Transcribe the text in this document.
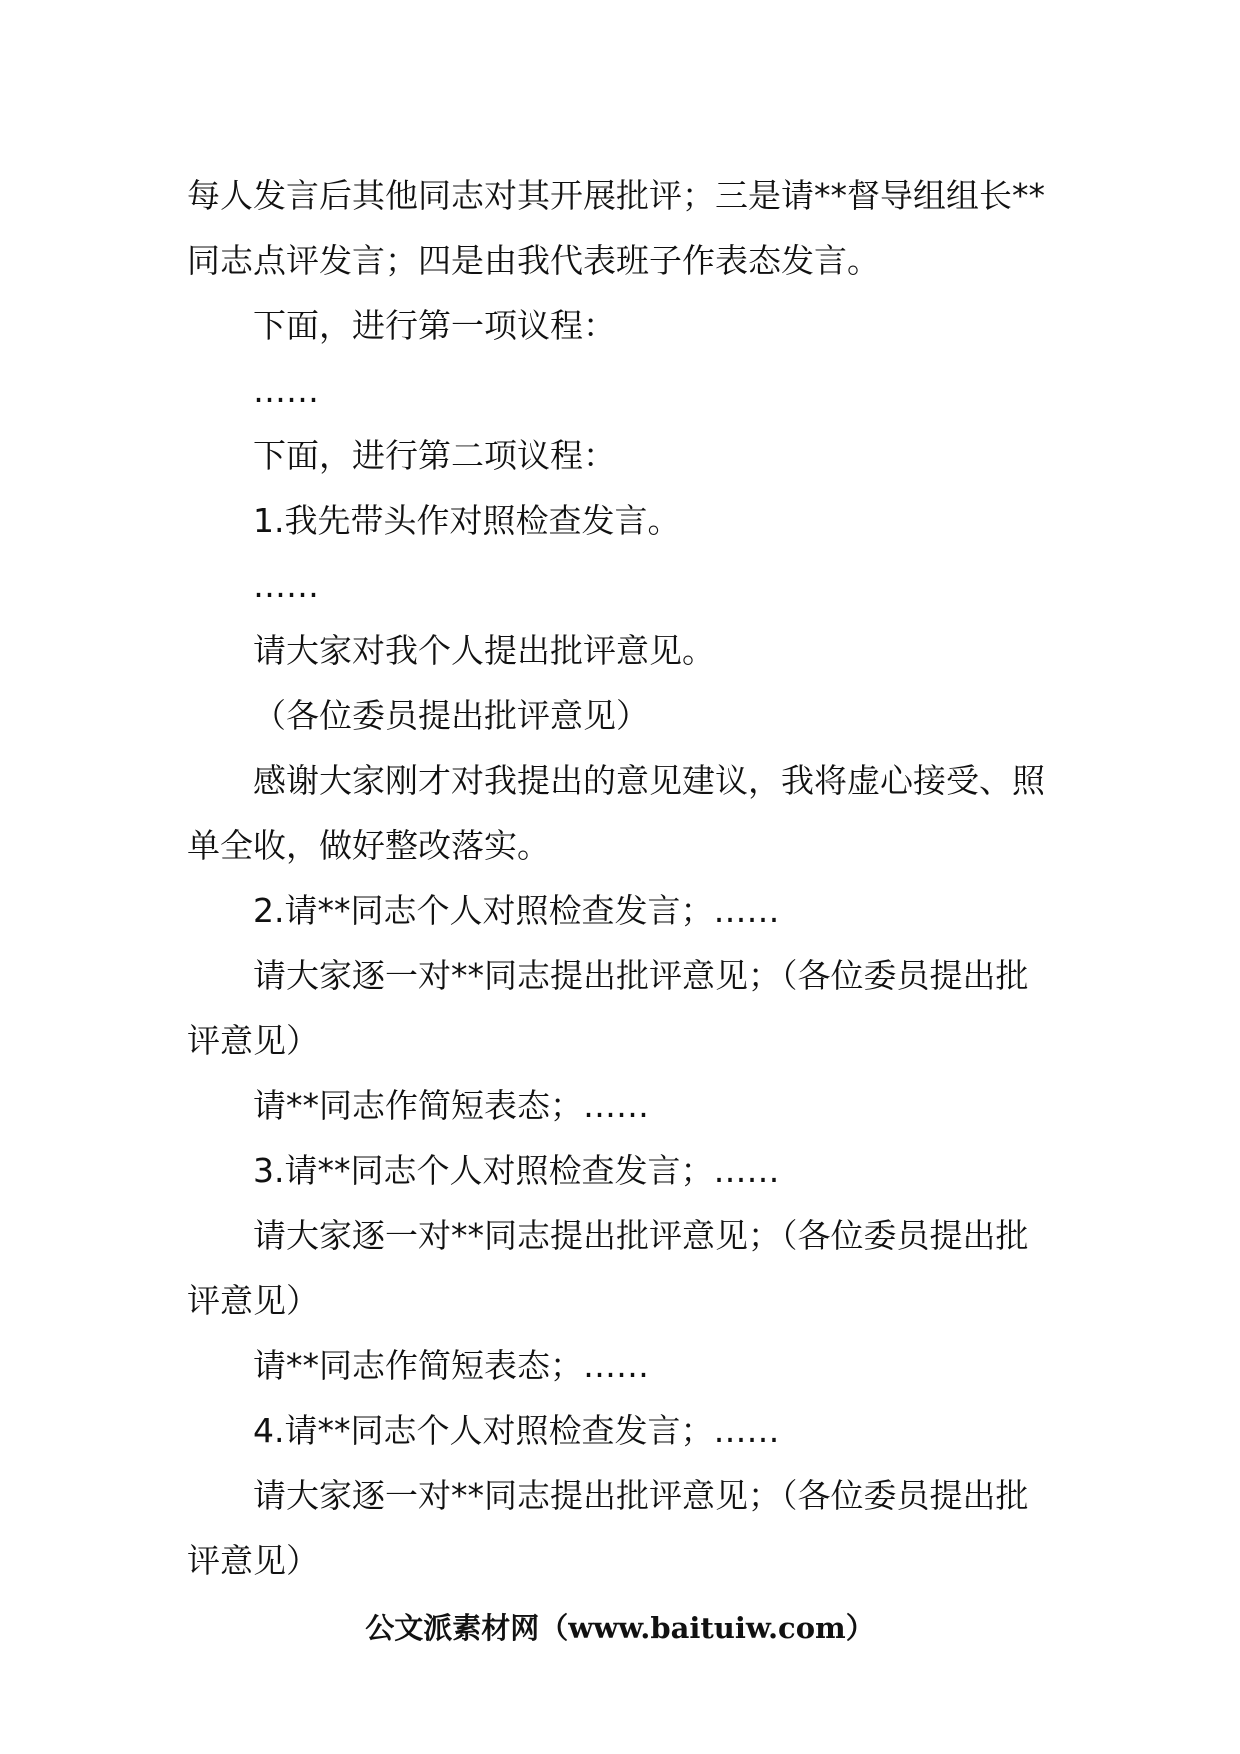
每人发言后其他同志对其开展批评；三是请**督导组组长**同志点评发言；四是由我代表班子作表态发言。

下面，进行第一项议程：

……

下面，进行第二项议程：

1.我先带头作对照检查发言。

……

请大家对我个人提出批评意见。

（各位委员提出批评意见）

感谢大家刚才对我提出的意见建议，我将虚心接受、照单全收，做好整改落实。

2.请**同志个人对照检查发言；……

请大家逐一对**同志提出批评意见；（各位委员提出批评意见）

请**同志作简短表态；……

3.请**同志个人对照检查发言；……

请大家逐一对**同志提出批评意见；（各位委员提出批评意见）

请**同志作简短表态；……

4.请**同志个人对照检查发言；……

请大家逐一对**同志提出批评意见；（各位委员提出批评意见）

公文派素材网（www.baituiw.com）
